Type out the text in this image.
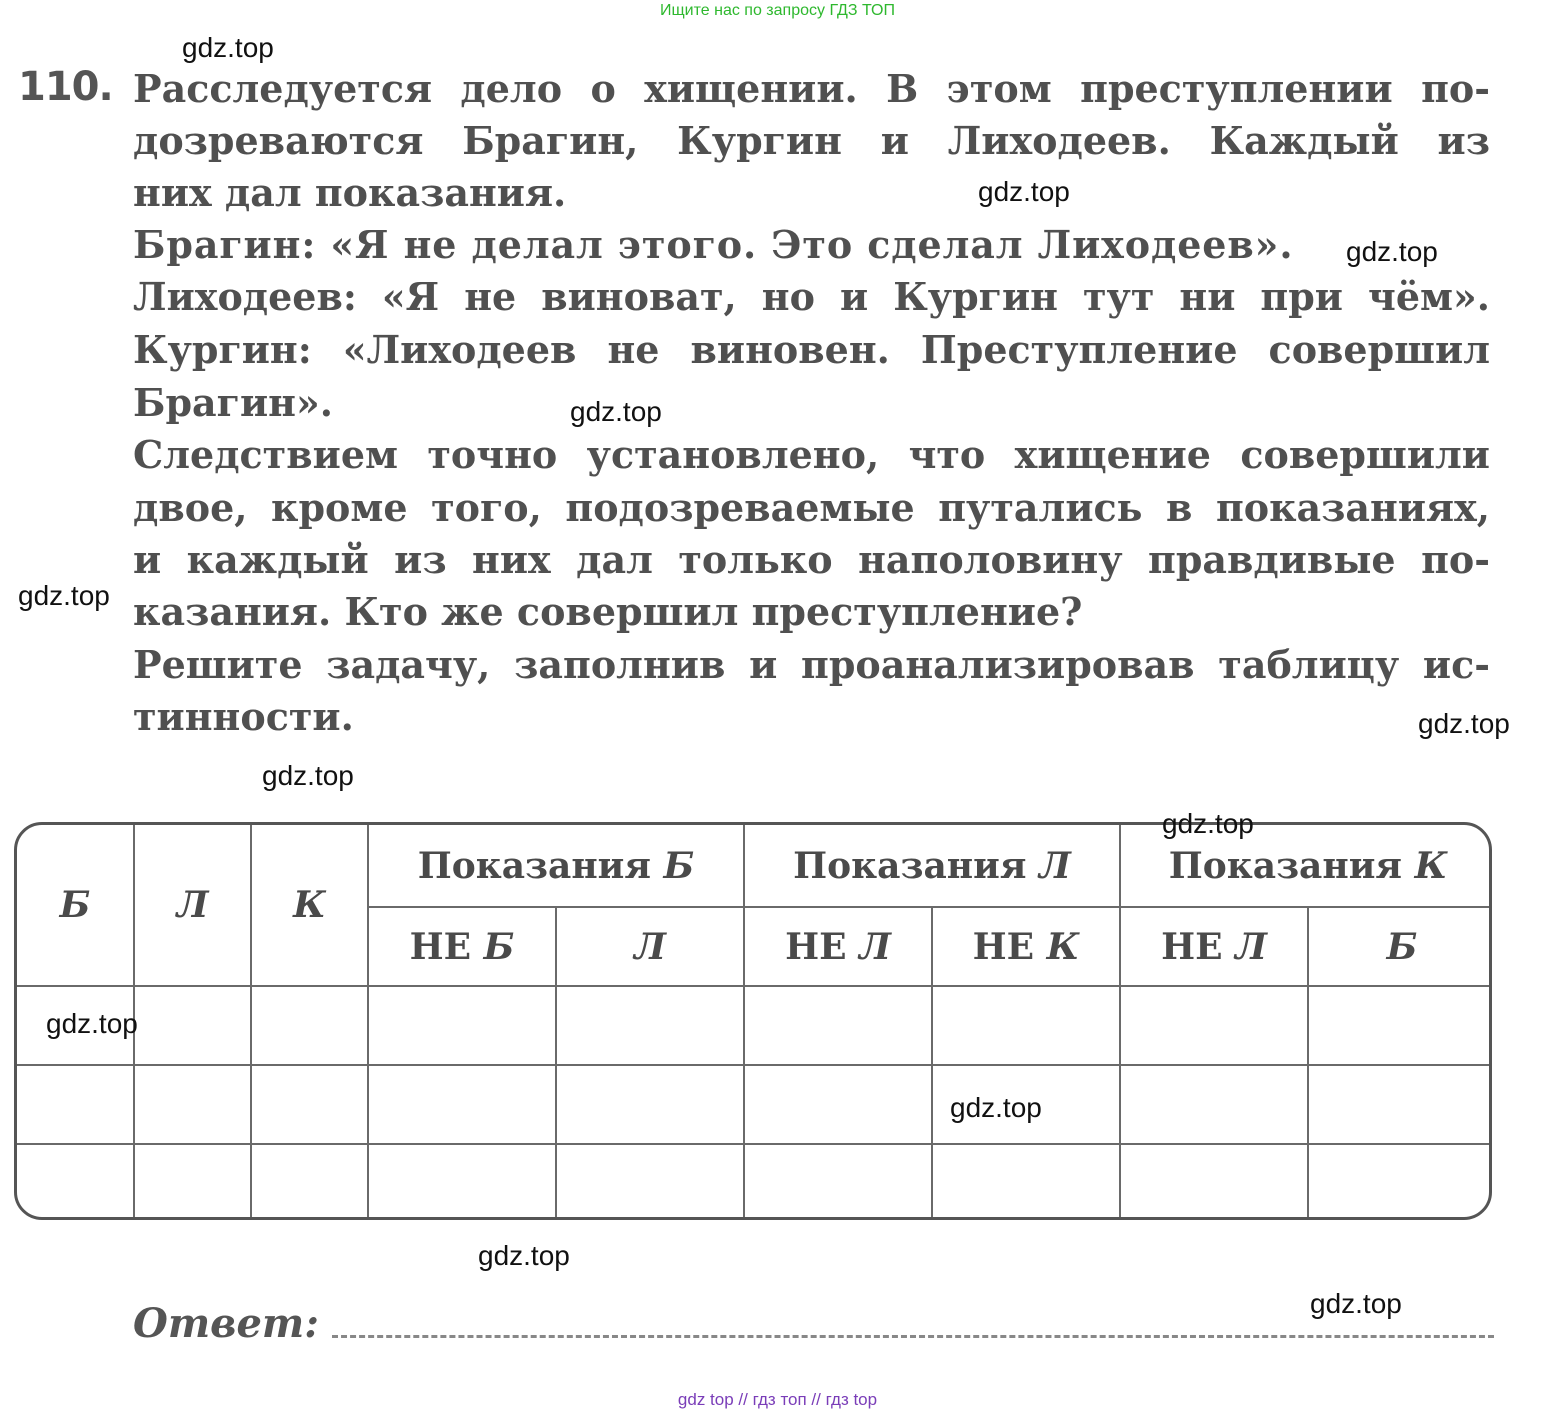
Ищите нас по запросу ГДЗ ТОП
110. Расследуется дело о хищении. В этом преступлении по-
дозреваются Брагин, Кургин и Лиходеев. Каждый из
них дал показания.
Брагин: «Я не делал этого. Это сделал Лиходеев».
Лиходеев: «Я не виноват, но и Кургин тут ни при чём».
Кургин: «Лиходеев не виновен. Преступление совершил
Брагин».
Следствием точно установлено, что хищение совершили
двое, кроме того, подозреваемые путались в показаниях,
и каждый из них дал только наполовину правдивые по-
казания. Кто же совершил преступление?
Решите задачу, заполнив и проанализировав таблицу ис-
тинности.
Б	Л	К	Показания Б		Показания Л		Показания К	
			НЕ Б	Л	НЕ Л	НЕ К	НЕ Л	Б

Ответ:
gdz.top
gdz.top
gdz.top
gdz.top
gdz.top
gdz.top
gdz.top
gdz.top
gdz.top
gdz.top
gdz.top
gdz.top
gdz top // гдз топ // гдз top
